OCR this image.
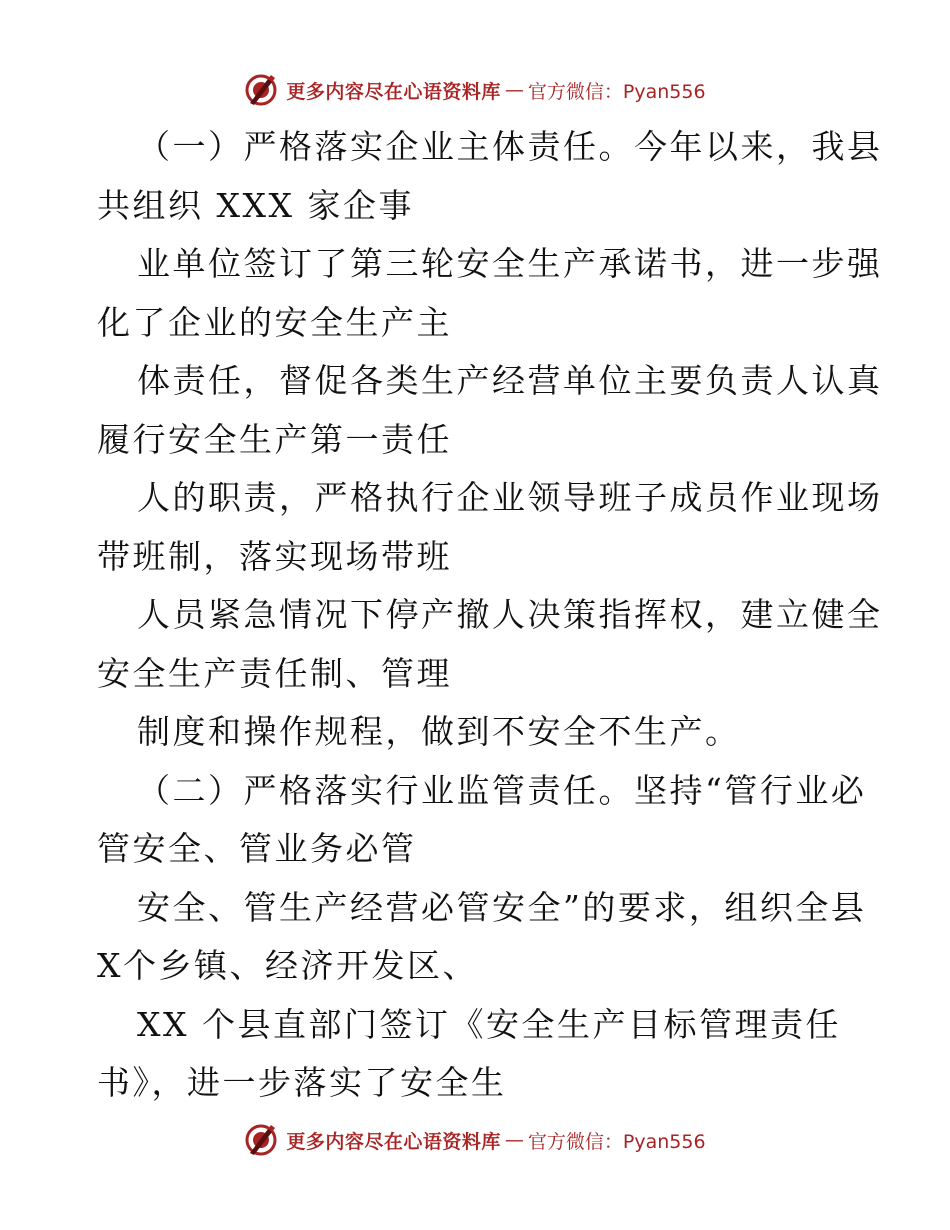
更多内容尽在心语资料库 — 官方微信：Pyan556
（一）严格落实企业主体责任。今年以来，我县
共组织 XXX 家企事
业单位签订了第三轮安全生产承诺书，进一步强
化了企业的安全生产主
体责任，督促各类生产经营单位主要负责人认真
履行安全生产第一责任
人的职责，严格执行企业领导班子成员作业现场
带班制，落实现场带班
人员紧急情况下停产撤人决策指挥权，建立健全
安全生产责任制、管理
制度和操作规程，做到不安全不生产。
（二）严格落实行业监管责任。坚持“管行业必
管安全、管业务必管
安全、管生产经营必管安全”的要求，组织全县
X个乡镇、经济开发区、
XX 个县直部门签订《安全生产目标管理责任
书》，进一步落实了安全生
更多内容尽在心语资料库 — 官方微信：Pyan556
